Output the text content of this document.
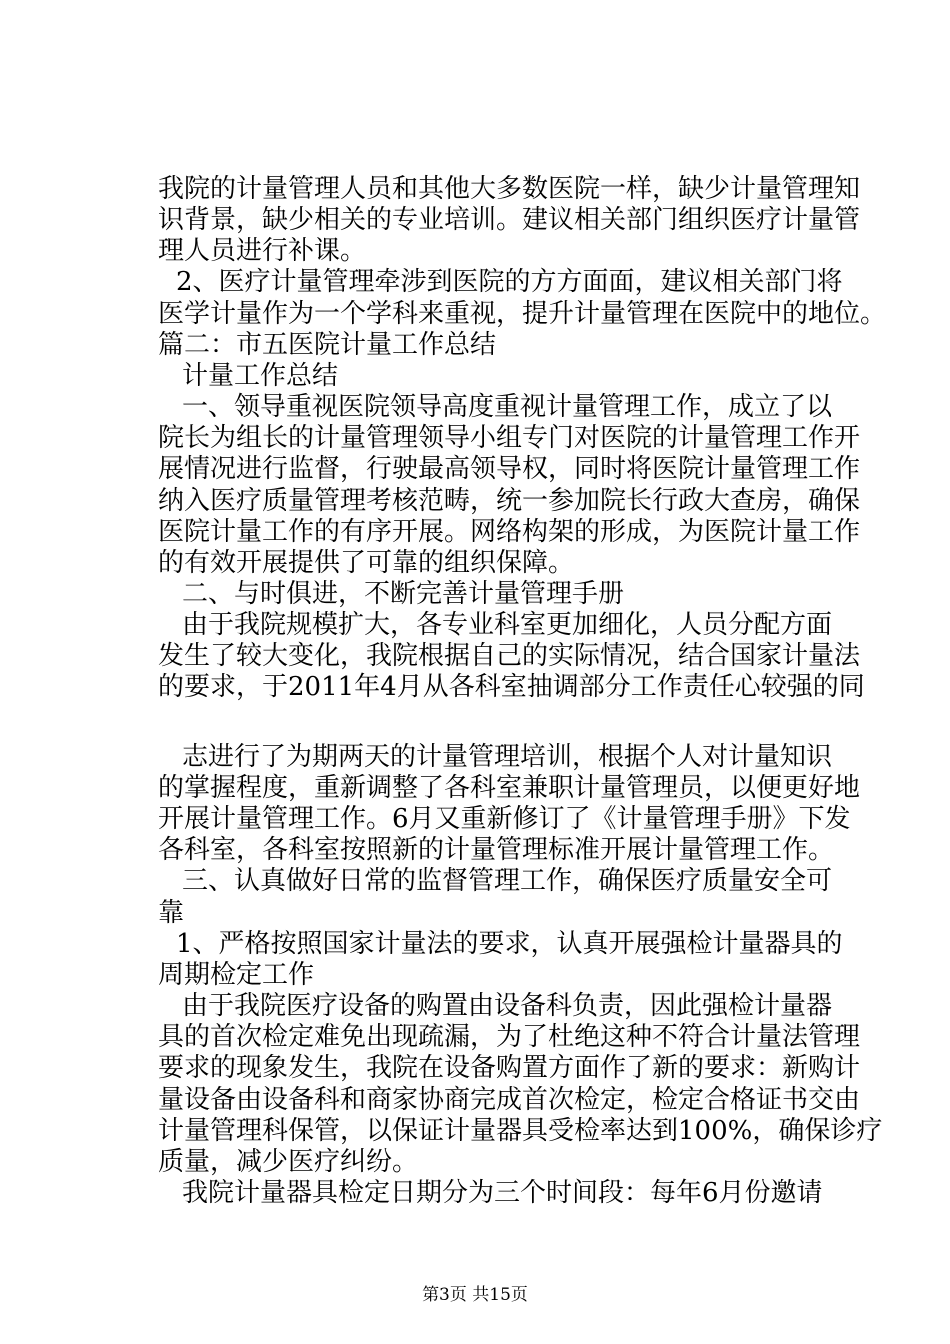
我院的计量管理人员和其他大多数医院一样，缺少计量管理知
识背景，缺少相关的专业培训。建议相关部门组织医疗计量管
理人员进行补课。
2、医疗计量管理牵涉到医院的方方面面，建议相关部门将
医学计量作为一个学科来重视，提升计量管理在医院中的地位。
篇二：市五医院计量工作总结
计量工作总结
一、领导重视医院领导高度重视计量管理工作，成立了以
院长为组长的计量管理领导小组专门对医院的计量管理工作开
展情况进行监督，行驶最高领导权，同时将医院计量管理工作
纳入医疗质量管理考核范畴，统一参加院长行政大查房，确保
医院计量工作的有序开展。网络构架的形成，为医院计量工作
的有效开展提供了可靠的组织保障。
二、与时俱进，不断完善计量管理手册
由于我院规模扩大，各专业科室更加细化，人员分配方面
发生了较大变化，我院根据自己的实际情况，结合国家计量法
的要求，于2011年4月从各科室抽调部分工作责任心较强的同
志进行了为期两天的计量管理培训，根据个人对计量知识
的掌握程度，重新调整了各科室兼职计量管理员，以便更好地
开展计量管理工作。6月又重新修订了《计量管理手册》下发
各科室，各科室按照新的计量管理标准开展计量管理工作。
三、认真做好日常的监督管理工作，确保医疗质量安全可
靠
1、严格按照国家计量法的要求，认真开展强检计量器具的
周期检定工作
由于我院医疗设备的购置由设备科负责，因此强检计量器
具的首次检定难免出现疏漏，为了杜绝这种不符合计量法管理
要求的现象发生，我院在设备购置方面作了新的要求：新购计
量设备由设备科和商家协商完成首次检定，检定合格证书交由
计量管理科保管，以保证计量器具受检率达到100%，确保诊疗
质量，减少医疗纠纷。
我院计量器具检定日期分为三个时间段：每年6月份邀请
第3页 共15页
